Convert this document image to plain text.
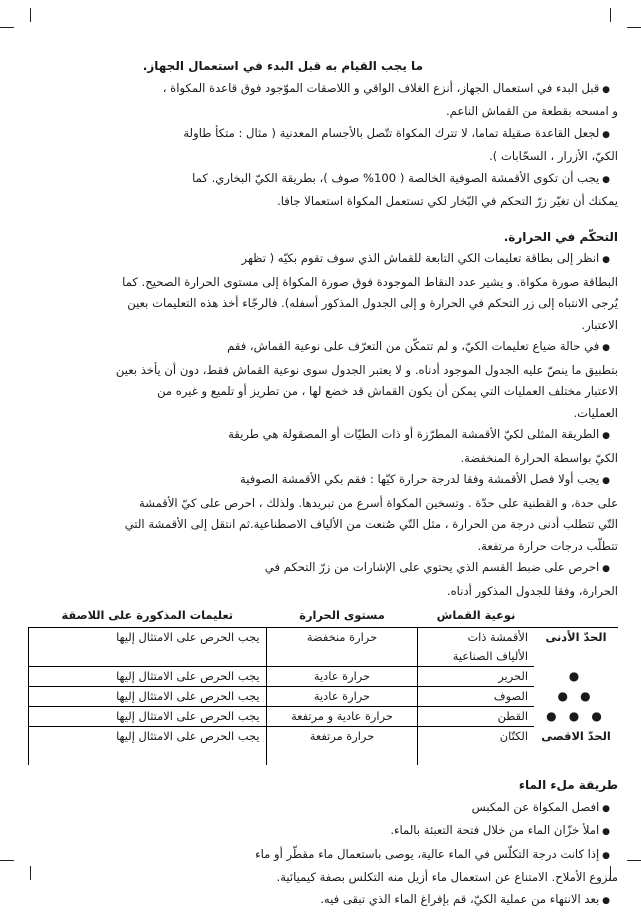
ما يجب القيام به قبل البدء في استعمال الجهاز.

● قبل البدء في استعمال الجهاز، أنزع الغلاف الواقي و اللاصقات الموّجود فوق قاعدة المكواة ،

و امسحه بقطعة من القماش الناعم.

● لجعل القاعدة صقيلة تماما، لا تترك المكواة تتّصل بالأجسام المعدنية ( مثال : متكأ طاولة

الكيّ، الأزرار ، السحّابات ).

● يجب أن تكوى الأقمشة الصوفية الخالصة ( 100% صوف )، بطريقة الكيّ البخاري. كما

يمكنك أن تغيّر زرّ التحكم في البّخار لكي تستعمل المكواة استعمالا جافا.

التحكّم في الحرارة.

● انظر إلى بطاقة تعليمات الكي التابعة للقماش الذي سوف تقوم بكيّه ( تظهر

البطاقة صورة مكواة. و يشير عدد النقاط الموجودة فوق صورة المكواة إلى مستوى الحرارة الصحيح. كما

يُرجى الانتباه إلى زر التحكم في الحرارة و إلى الجدول المذكور أسفله). فالرجّاء أخذ هذه التعليمات بعين

الاعتبار.

● في حالة ضياع تعليمات الكيّ، و لم تتمكّن من التعرّف على نوعية القماش، فقم

بتطبيق ما ينصّ عليه الجدول الموجود أدناه. و لا يعتبر الجدول سوى نوعية القماش فقط، دون أن يأخذ بعين

الاعتبار مختلف العمليات التي يمكن أن يكون القماش قد خضع لها ، من تطريز أو تلميع و غيره من

العمليات.

● الطريقة المثلى لكيّ الأقمشة المطرّزة أو ذات الطيّات أو المصقولة هي طريقة

الكيّ بواسطة الحرارة المنخفضة.

● يجب أولا فصل الأقمشة وفقا لدرجة حرارة كيّها : فقم بكي الأقمشة الصوفية

على حدة، و القطنية على حدّة . وتسخين المكواة أسرع من تبريدها. ولذلك ، احرص على كيّ الأقمشة

التّي تتطلب أدنى درجة من الحرارة ، مثل التّي صُنعت من الألياف الاصطناعية.ثم انتقل إلى الأقمشة التي

تتطلّب درجات حرارة مرتفعة.

● احرص على ضبط القسم الذي يحتوي على الإشارات من زرّ التحكم في

الحرارة، وفقا للجدول المذكور أدناه.

	نوعية القماش	مستوى الحرارة	تعليمات المذكورة على اللاصقة
الحدّ الأدنى	الأقمشة ذات	حرارة منخفضة	يجب الحرص على الامتثال إليها
	الألياف الصناعية		
●	الحرير	حرارة عادية	يجب الحرص على الامتثال إليها
● ●	الصوف	حرارة عادية	يجب الحرص على الامتثال إليها
● ● ●	القطن	حرارة عادية و مرتفعة	يجب الحرص على الامتثال إليها
الحدّ الاقصى	الكتّان	حرارة مرتفعة	يجب الحرص على الامتثال إليها

طريقة ملء الماء

● افصل المكواة عن المكبس

● املأ خزّان الماء من خلال فتحة التعبئة بالماء.

● إذا كانت درجة التكلّس في الماء عالية، يوصى باستعمال ماء مقطّر أو ماء

منزوع الأملاح. الامتناع عن استعمال ماء أزيل منه التكلس بصفة كيميائية.

● بعد الانتهاء من عملية الكيّ، قم بإفراغ الماء الذي تبقى فيه.
